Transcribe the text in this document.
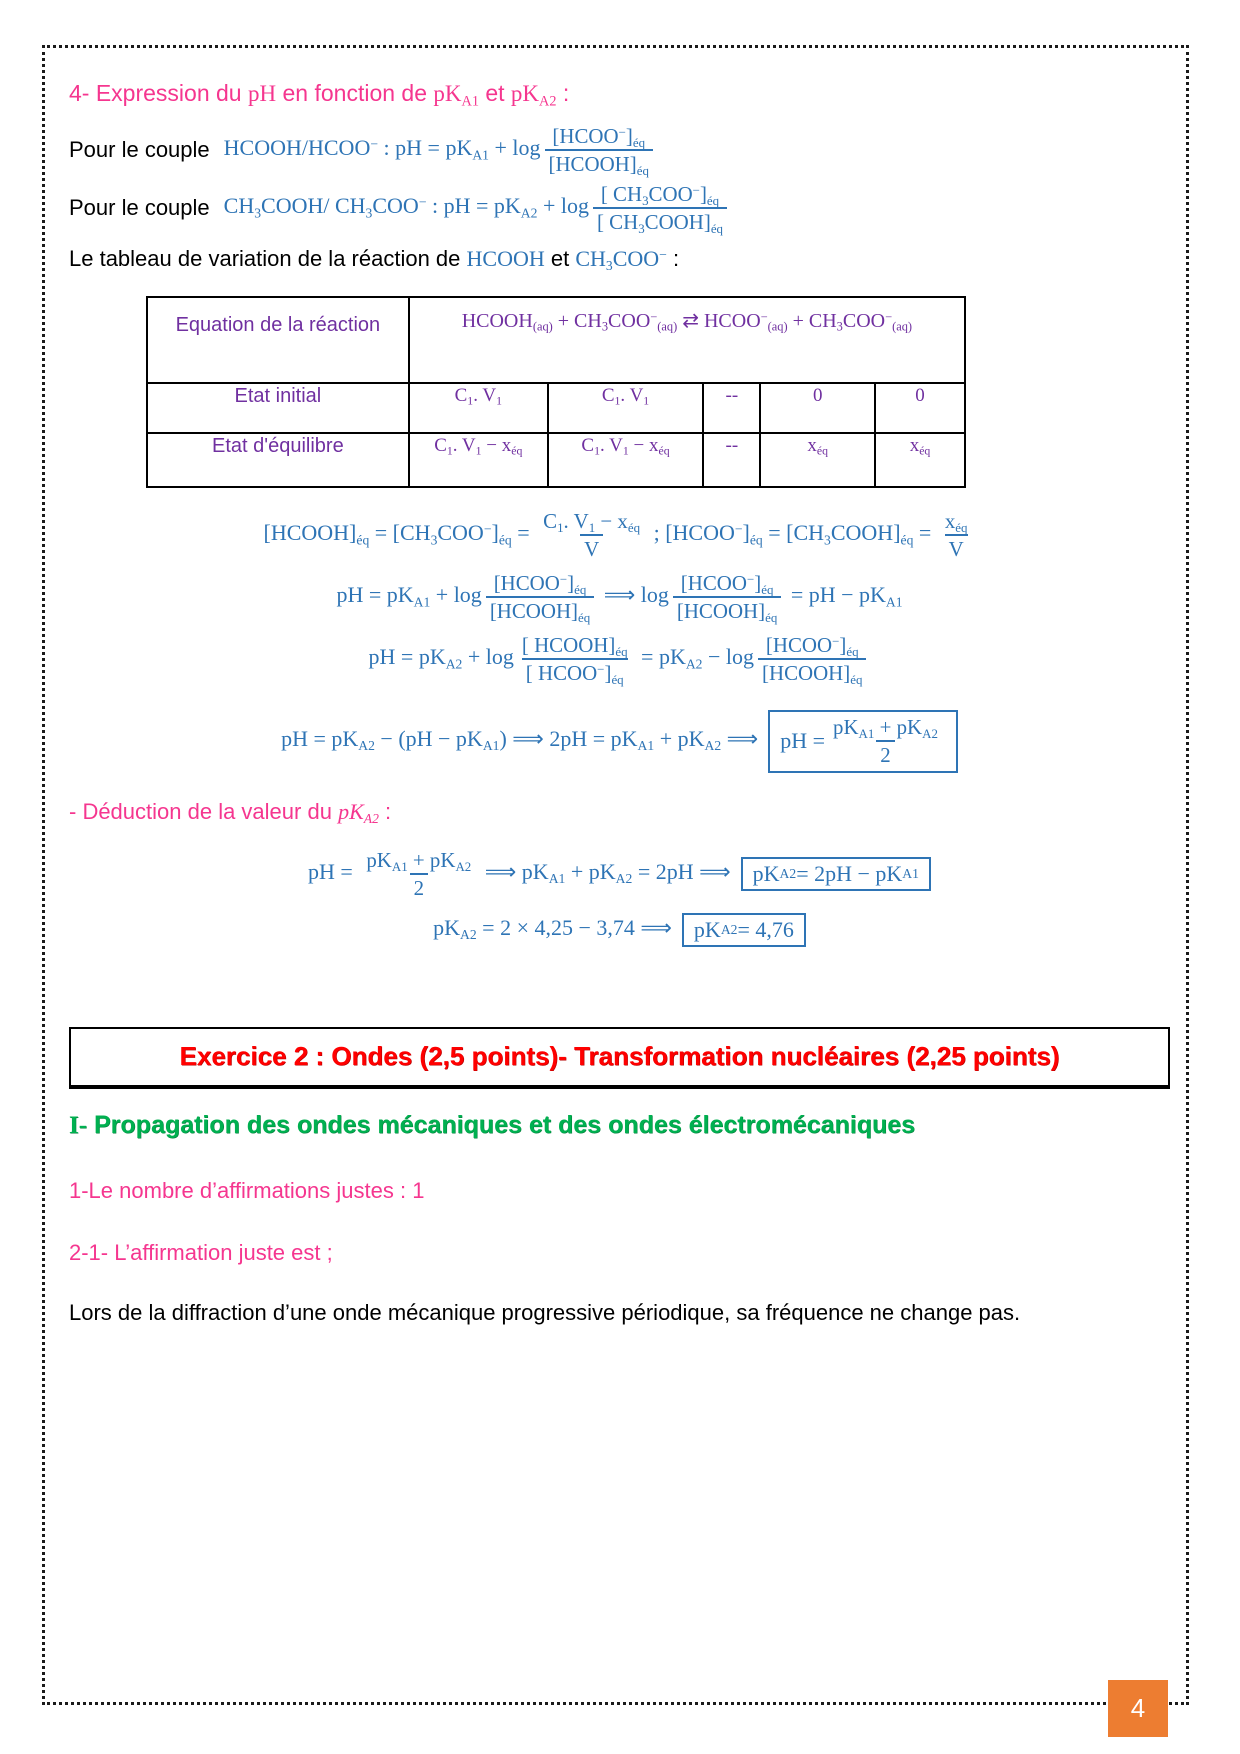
4- Expression du pH en fonction de $pK_{A1}$ et $pK_{A2}$ :
Pour le couple HCOOH/HCOO− : pH = $pK_{A1} + \log \frac{[HCOO^-]_{éq}}{[HCOOH]_{éq}}$
Pour le couple $CH_3COOH/$ $CH_3COO^-$ : pH = $pK_{A2} + \log \frac{[ CH_3COO^-]_{éq}}{[ CH_3COOH]_{éq}}$
Le tableau de variation de la réaction de HCOOH et $CH_3COO^-$ :
Equation de la réaction	$HCOOH_{(aq)} + CH_3COO^-_{(aq)}$ ⇄ $HCOO^-_{(aq)} + CH_3COO^-_{(aq)}$
Etat initial	$C_1$. $V_1$	$C_1$. $V_1$	--	0	0
Etat d'équilibre	$C_1$. $V_1 - x_{éq}$	$C_1$. $V_1 - x_{éq}$	--	$x_{éq}$	$x_{éq}$
$[HCOOH]_{éq} = [CH_3COO^-]_{éq} = \frac{C_1. V_1 - x_{éq}}{V}$ ; $[HCOO^-]_{éq}$ = $[CH_3COOH]_{éq} = \frac{x_{éq}}{V}$
pH = $pK_{A1} + \log \frac{[HCOO^-]_{éq}}{[HCOOH]_{éq}}$ ⟹ $\log \frac{[HCOO^-]_{éq}}{[HCOOH]_{éq}}$ = pH − $pK_{A1}$
pH = $pK_{A2} + \log \frac{[ HCOOH]_{éq}}{[ HCOO^-]_{éq}} = pK_{A2} - \log \frac{[HCOO^-]_{éq}}{[HCOOH]_{éq}}$
pH = $pK_{A2} - (pH - pK_{A1})$ ⟹ $2pH = pK_{A1} + pK_{A2}$ ⟹ pH = $\frac{pK_{A1} + pK_{A2}}{2}$
- Déduction de la valeur du $pK_{A2}$ :
pH = $\frac{pK_{A1} + pK_{A2}}{2}$ ⟹ $pK_{A1} + pK_{A2} = 2pH$ ⟹ pK A2 = 2pH − pK A1
$pK_{A2} = 2 \times 4,25 - 3,74$ ⟹ pK A2 = 4,76
Exercice 2 : Ondes (2,5 points)- Transformation nucléaires (2,25 points)
I- Propagation des ondes mécaniques et des ondes électromécaniques
1-Le nombre d’affirmations justes : 1
2-1- L’affirmation juste est ;
Lors de la diffraction d’une onde mécanique progressive périodique, sa fréquence ne change pas.
4
